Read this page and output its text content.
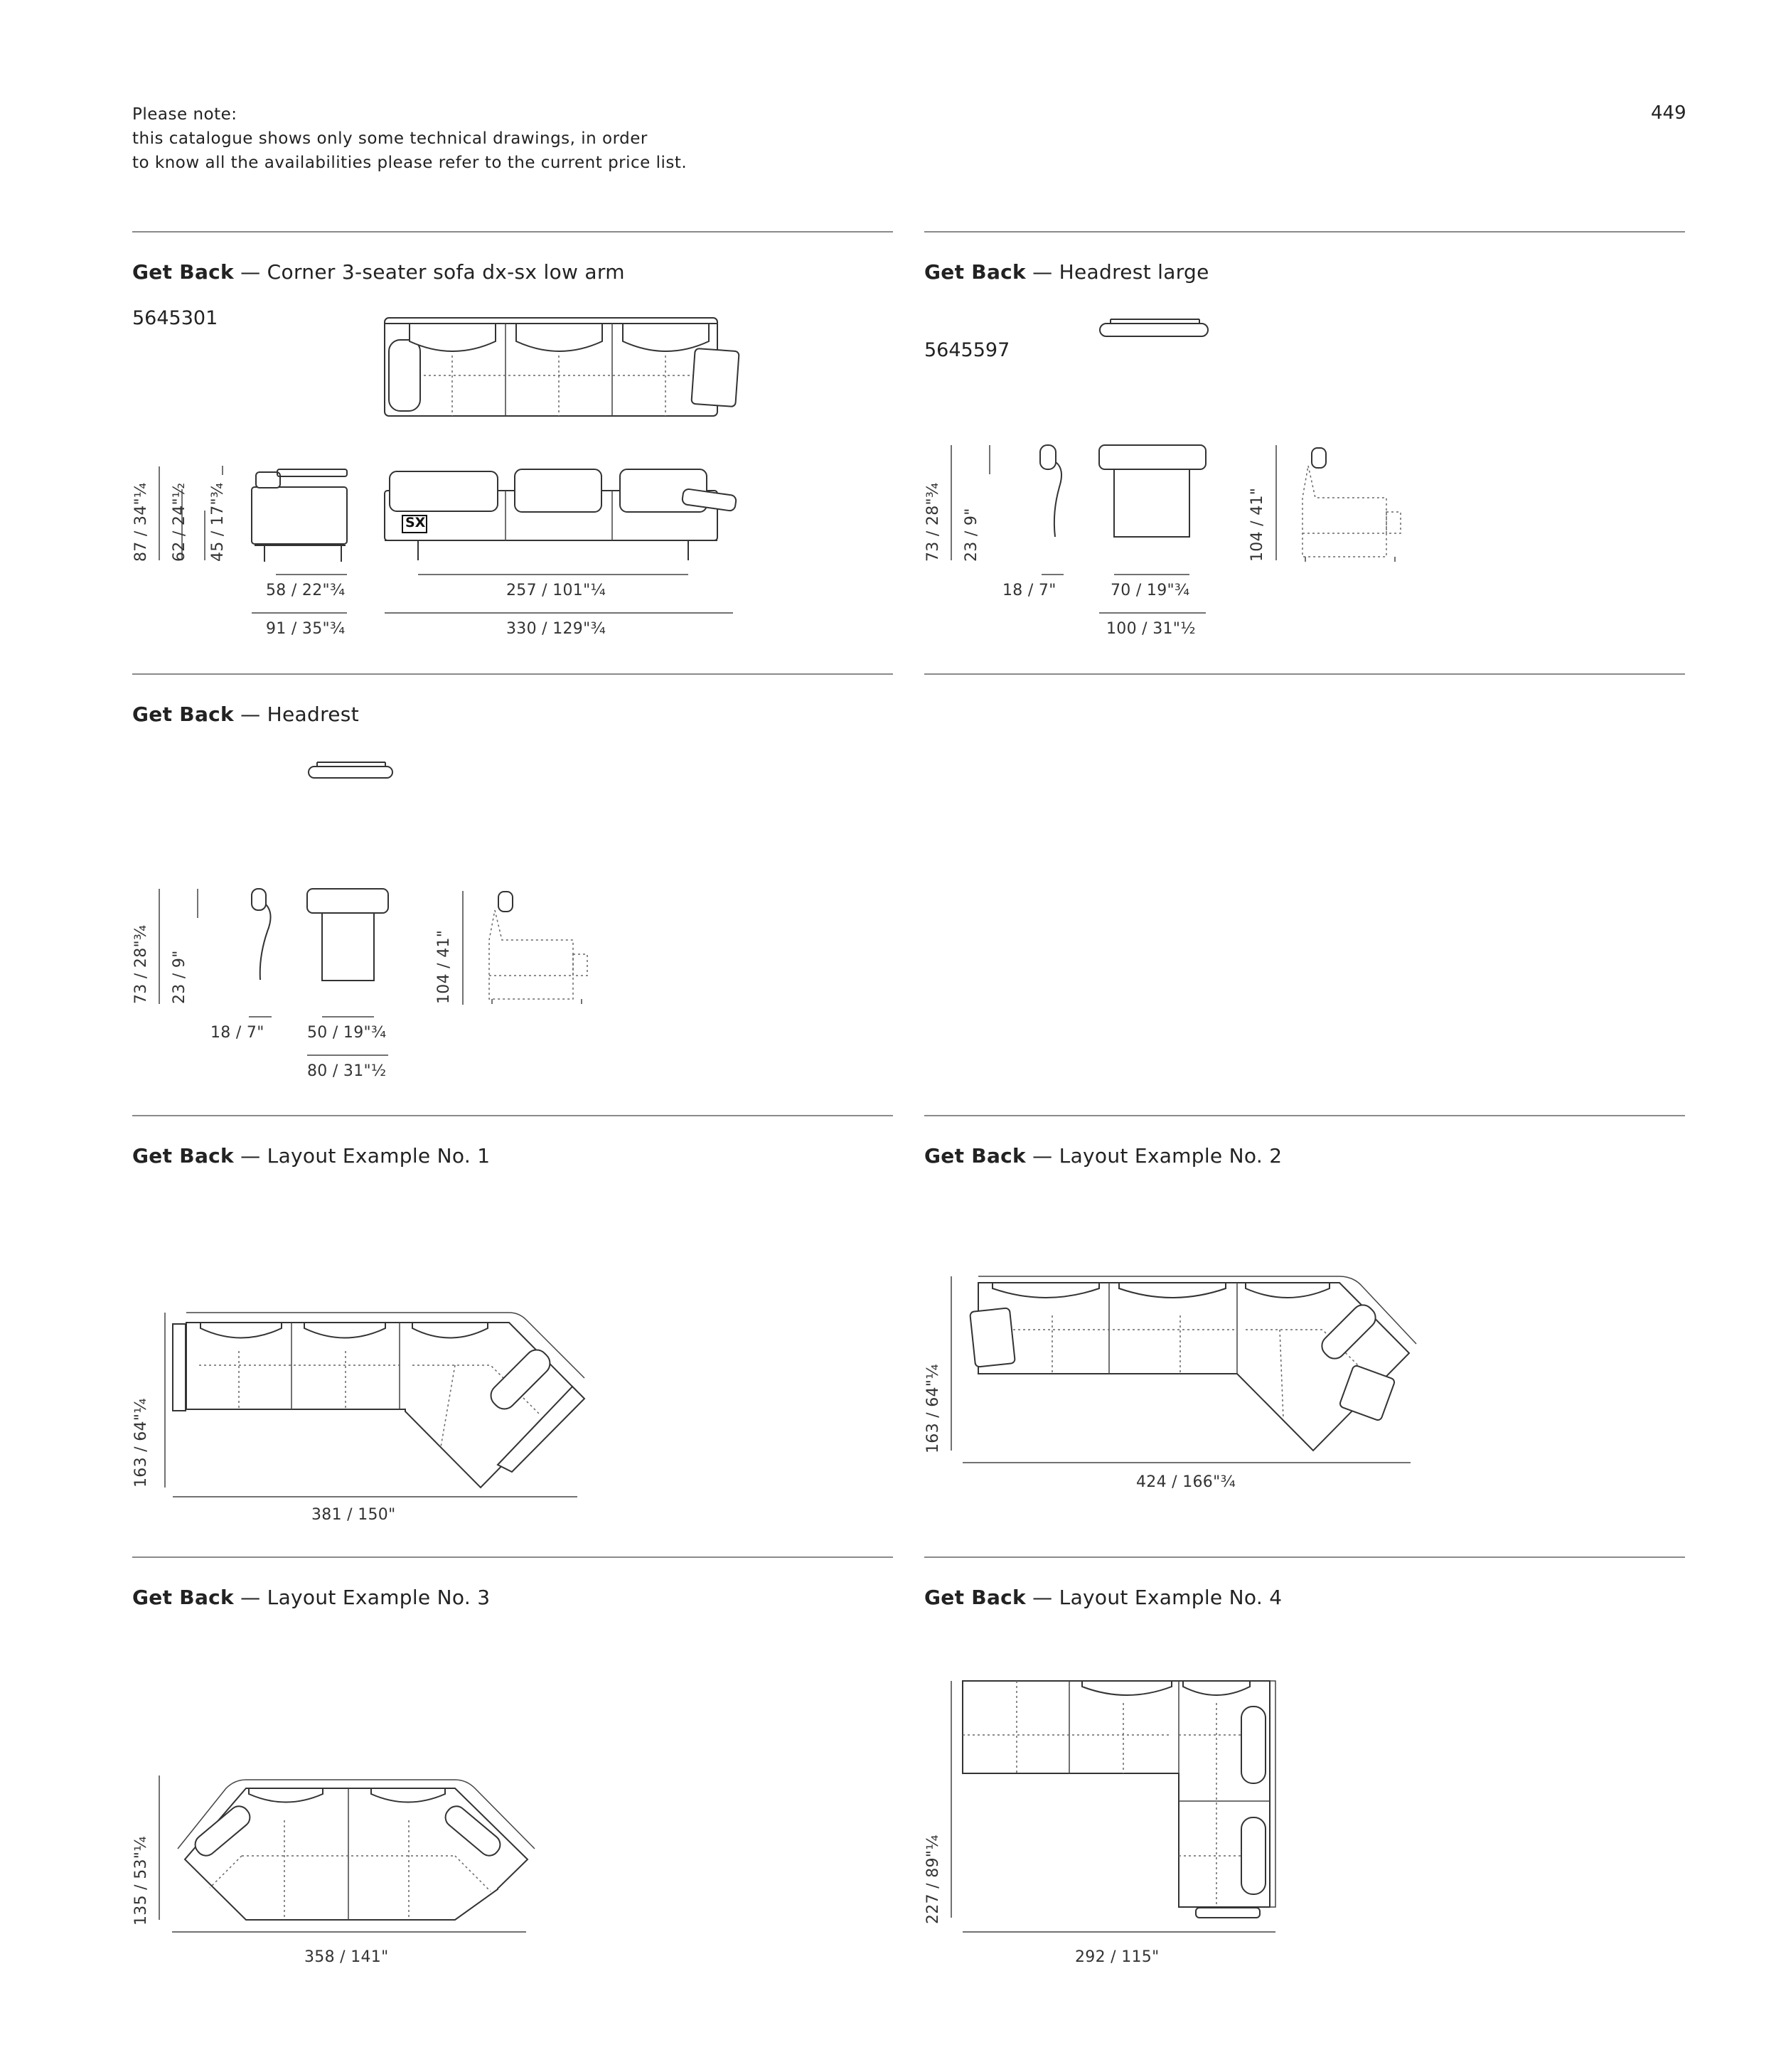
Please note:
this catalogue shows only some technical drawings, in order
to know all the availabilities please refer to the current price list.
449
Get Back — Corner 3-seater sofa dx-sx low arm
5645301
Get Back — Headrest large
5645597
Get Back — Headrest
Get Back — Layout Example No. 1	Get Back — Layout Example No. 2
Get Back — Layout Example No. 3	Get Back — Layout Example No. 4
87 / 34"¼ 62 / 24"½ 45 / 17"¾
58 / 22"¾
91 / 35"¾
257 / 101"¼
330 / 129"¾
SX	73 / 28"¾ 23 / 9"	104 / 41"
18 / 7"	70 / 19"¾
100 / 31"½
73 / 28"¾ 23 / 9"	104 / 41"
18 / 7"	50 / 19"¾
80 / 31"½
163 / 64"¼
381 / 150"
163 / 64"¼
424 / 166"¾
135 / 53"¼
358 / 141"
227 / 89"¼
292 / 115"
